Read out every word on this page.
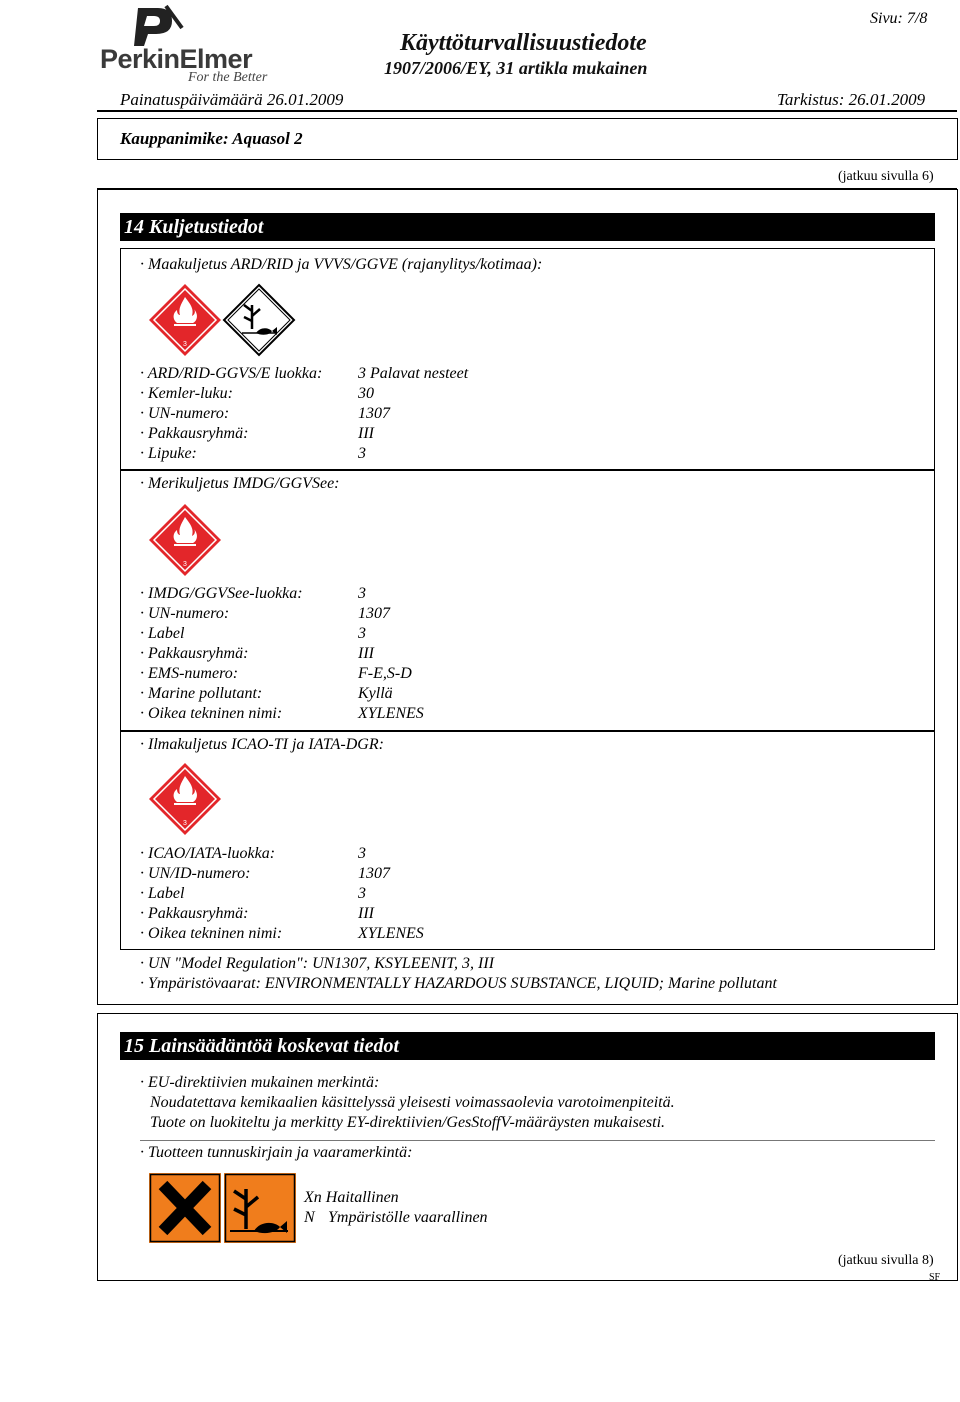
PerkinElmer
For the Better
Käyttöturvallisuustiedote
1907/2006/EY, 31 artikla mukainen
Sivu: 7/8
Painatuspäivämäärä 26.01.2009	Tarkistus: 26.01.2009
Kauppanimike: Aquasol 2
(jatkuu sivulla 6)
14 Kuljetustiedot
· Maakuljetus ARD/RID ja VVVS/GGVE (rajanylitys/kotimaa):
3
· ARD/RID-GGVS/E luokka: 3 Palavat nesteet
· Kemler-luku:	30
· UN-numero:	1307
· Pakkausryhmä:	III
· Lipuke:	3
· Merikuljetus IMDG/GGVSee:
3
· IMDG/GGVSee-luokka:	3
· UN-numero:	1307
· Label	3
· Pakkausryhmä:	III
· EMS-numero:	F-E,S-D
· Marine pollutant:	Kyllä
· Oikea tekninen nimi:	XYLENES
· Ilmakuljetus ICAO-TI ja IATA-DGR:
3
· ICAO/IATA-luokka:	3
· UN/ID-numero:	1307
· Label	3
· Pakkausryhmä:	III
· Oikea tekninen nimi:	XYLENES
· UN "Model Regulation": UN1307, KSYLEENIT, 3, III
· Ympäristövaarat: ENVIRONMENTALLY HAZARDOUS SUBSTANCE, LIQUID; Marine pollutant
15 Lainsäädäntöä koskevat tiedot
· EU-direktiivien mukainen merkintä:
Noudatettava kemikaalien käsittelyssä yleisesti voimassaolevia varotoimenpiteitä.
Tuote on luokiteltu ja merkitty EY-direktiivien/GesStoffV-määräysten mukaisesti.
· Tuotteen tunnuskirjain ja vaaramerkintä:
Xn Haitallinen
N Ympäristölle vaarallinen
(jatkuu sivulla 8)
SF
